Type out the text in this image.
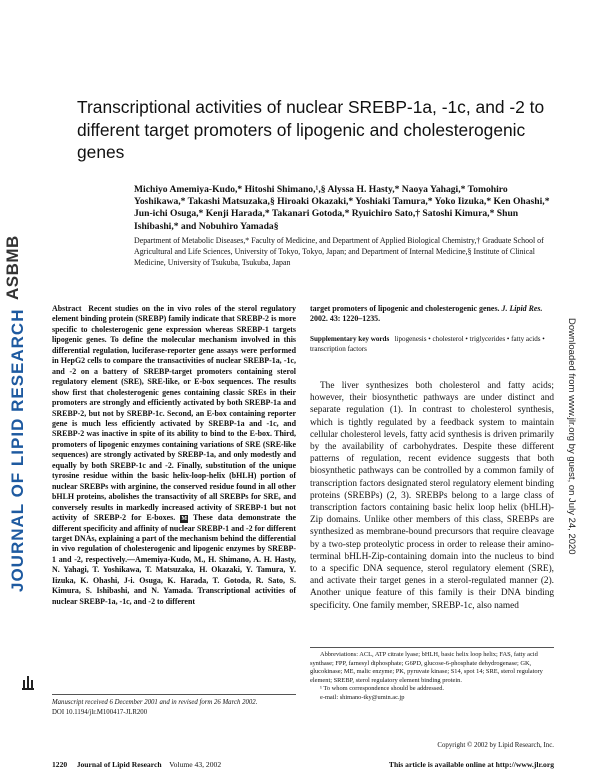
ASBMB
JOURNAL OF LIPID RESEARCH	Downloaded from www.jlr.org by guest, on July 24, 2020
Transcriptional activities of nuclear SREBP-1a, -1c, and -2 to different target promoters of lipogenic and cholesterogenic genes
Michiyo Amemiya-Kudo,* Hitoshi Shimano,¹,§ Alyssa H. Hasty,* Naoya Yahagi,* Tomohiro Yoshikawa,* Takashi Matsuzaka,§ Hiroaki Okazaki,* Yoshiaki Tamura,* Yoko Iizuka,* Ken Ohashi,* Jun-ichi Osuga,* Kenji Harada,* Takanari Gotoda,* Ryuichiro Sato,† Satoshi Kimura,* Shun Ishibashi,* and Nobuhiro Yamada§
Department of Metabolic Diseases,* Faculty of Medicine, and Department of Applied Biological Chemistry,† Graduate School of Agricultural and Life Sciences, University of Tokyo, Tokyo, Japan; and Department of Internal Medicine,§ Institute of Clinical Medicine, University of Tsukuba, Tsukuba, Japan
Abstract Recent studies on the in vivo roles of the sterol regulatory element binding protein (SREBP) family indicate that SREBP-2 is more specific to cholesterogenic gene expression whereas SREBP-1 targets lipogenic genes. To define the molecular mechanism involved in this differential regulation, luciferase-reporter gene assays were performed in HepG2 cells to compare the transactivities of nuclear SREBP-1a, -1c, and -2 on a battery of SREBP-target promoters containing sterol regulatory element (SRE), SRE-like, or E-box sequences. The results show first that cholesterogenic genes containing classic SREs in their promoters are strongly and efficiently activated by both SREBP-1a and SREBP-2, but not by SREBP-1c. Second, an E-box containing reporter gene is much less efficiently activated by SREBP-1a and -1c, and SREBP-2 was inactive in spite of its ability to bind to the E-box. Third, promoters of lipogenic enzymes containing variations of SRE (SRE-like sequences) are strongly activated by SREBP-1a, and only modestly and equally by both SREBP-1c and -2. Finally, substitution of the unique tyrosine residue within the basic helix-loop-helix (bHLH) portion of nuclear SREBPs with arginine, the conserved residue found in all other bHLH proteins, abolishes the transactivity of all SREBPs for SRE, and conversely results in markedly increased activity of SREBP-1 but not activity of SREBP-2 for E-boxes. M These data demonstrate the different specificity and affinity of nuclear SREBP-1 and -2 for different target DNAs, explaining a part of the mechanism behind the differential in vivo regulation of cholesterogenic and lipogenic enzymes by SREBP-1 and -2, respectively.—Amemiya-Kudo, M., H. Shimano, A. H. Hasty, N. Yahagi, T. Yoshikawa, T. Matsuzaka, H. Okazaki, Y. Tamura, Y. Iizuka, K. Ohashi, J-i. Osuga, K. Harada, T. Gotoda, R. Sato, S. Kimura, S. Ishibashi, and N. Yamada. Transcriptional activities of nuclear SREBP-1a, -1c, and -2 to different
target promoters of lipogenic and cholesterogenic genes. J. Lipid Res. 2002. 43: 1220–1235.
Supplementary key words lipogenesis • cholesterol • triglycerides • fatty acids • transcription factors

The liver synthesizes both cholesterol and fatty acids; however, their biosynthetic pathways are under distinct and separate regulation (1). In contrast to cholesterol synthesis, which is tightly regulated by a feedback system to maintain cellular cholesterol levels, fatty acid synthesis is driven primarily by the availability of carbohydrates. Despite these different patterns of regulation, recent evidence suggests that both biosynthetic pathways can be controlled by a common family of transcription factors designated sterol regulatory element binding proteins (SREBPs) (2, 3). SREBPs belong to a large class of transcription factors containing basic helix loop helix (bHLH)-Zip domains. Unlike other members of this class, SREBPs are synthesized as membrane-bound precursors that require cleavage by a two-step proteolytic process in order to release their amino-terminal bHLH-Zip-containing domain into the nucleus to bind to a specific DNA sequence, sterol regulatory element (SRE), and activate their target genes in a sterol-regulated manner (2). Another unique feature of this family is their DNA binding specificity. One family member, SREBP-1c, also named

Abbreviations: ACL, ATP citrate lyase; bHLH, basic helix loop helix; FAS, fatty acid synthase; FPP, farnesyl diphosphate; G6PD, glucose-6-phosphate dehydrogenase; GK, glucokinase; ME, malic enzyme; PK, pyruvate kinase; S14, spot 14; SRE, sterol regulatory element; SREBP, sterol regulatory element binding protein.

¹ To whom correspondence should be addressed.

e-mail: shimano-tky@umin.ac.jp

Manuscript received 6 December 2001 and in revised form 26 March 2002.

DOI 10.1194/jlr.M100417-JLR200

Copyright © 2002 by Lipid Research, Inc.

1220 Journal of Lipid Research Volume 43, 2002	This article is available online at http://www.jlr.org
